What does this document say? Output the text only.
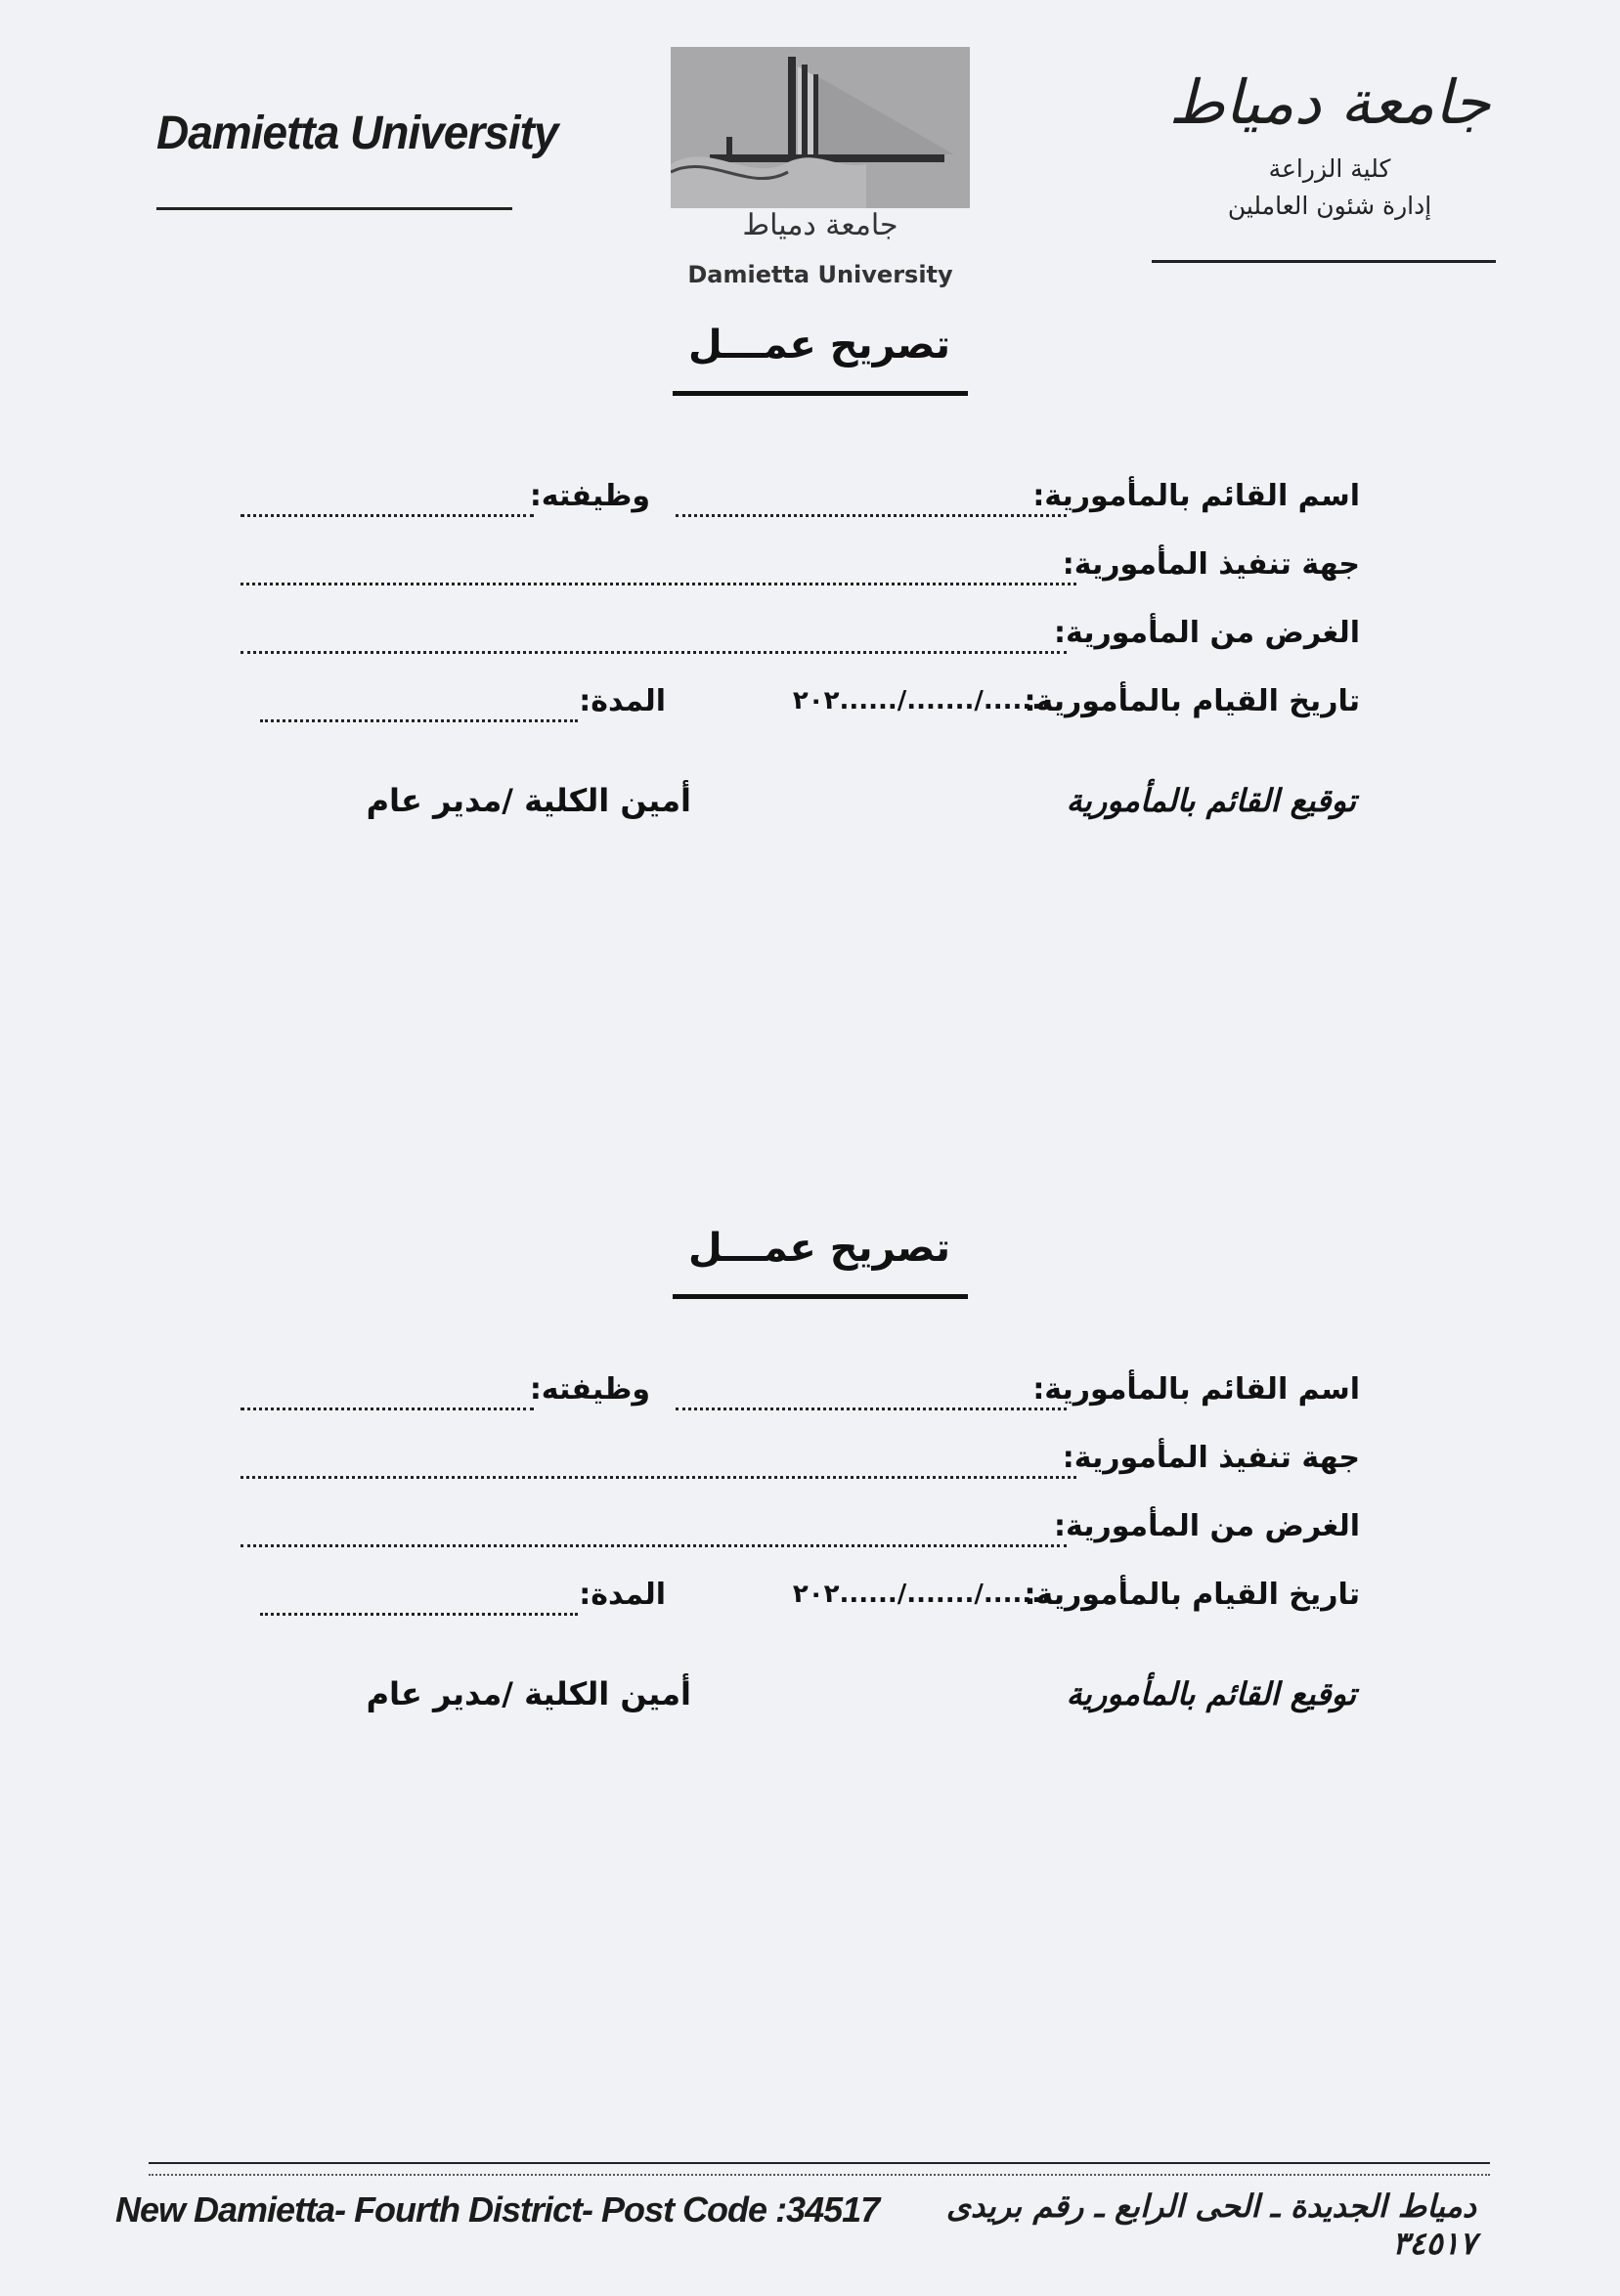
Damietta University
جامعة دمياط
Damietta University
جامعة دمياط
كلية الزراعة
إدارة شئون العاملين
تصريح عمـــل
اسم القائم بالمأمورية:
وظيفته:
جهة تنفيذ المأمورية:
الغرض من المأمورية:
تاريخ القيام بالمأمورية:
......./......./......٢٠٢
المدة:
توقيع القائم بالمأمورية
أمين الكلية /مدير عام
تصريح عمـــل
اسم القائم بالمأمورية:
وظيفته:
جهة تنفيذ المأمورية:
الغرض من المأمورية:
تاريخ القيام بالمأمورية:
......./......./......٢٠٢
المدة:
توقيع القائم بالمأمورية
أمين الكلية /مدير عام
New Damietta- Fourth District- Post Code :34517	دمياط الجديدة ـ الحى الرابع ـ رقم بريدى ٣٤٥١٧
